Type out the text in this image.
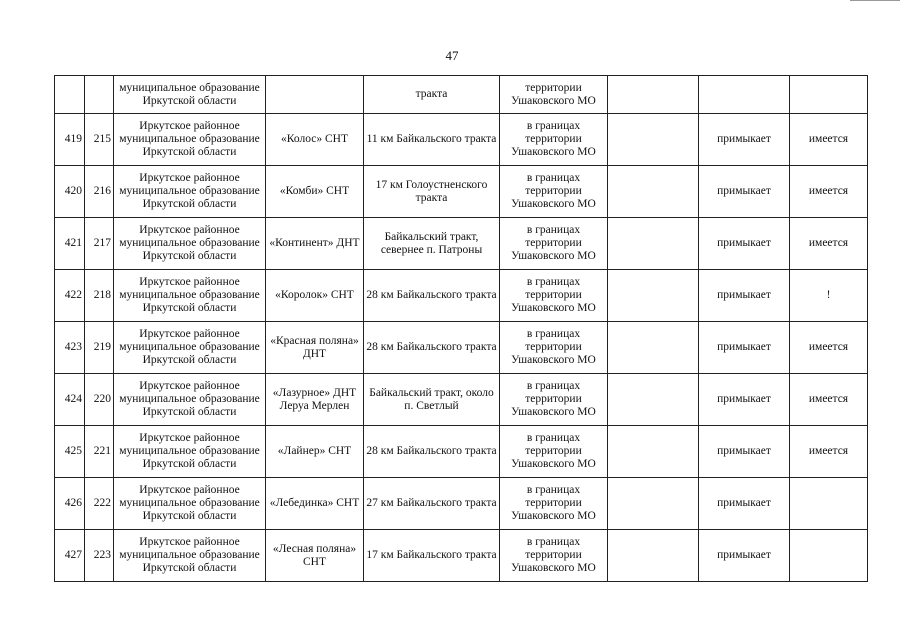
47
		муниципальное образование Иркутской области		тракта	территории Ушаковского МО			
419	215	Иркутское районное муниципальное образование Иркутской области	«Колос» СНТ	11 км Байкальского тракта	в границах территории Ушаковского МО		примыкает	имеется
420	216	Иркутское районное муниципальное образование Иркутской области	«Комби» СНТ	17 км Голоустненского тракта	в границах территории Ушаковского МО		примыкает	имеется
421	217	Иркутское районное муниципальное образование Иркутской области	«Континент» ДНТ	Байкальский тракт, севернее п. Патроны	в границах территории Ушаковского МО		примыкает	имеется
422	218	Иркутское районное муниципальное образование Иркутской области	«Королок» СНТ	28 км Байкальского тракта	в границах территории Ушаковского МО		примыкает	!
423	219	Иркутское районное муниципальное образование Иркутской области	«Красная поляна» ДНТ	28 км Байкальского тракта	в границах территории Ушаковского МО		примыкает	имеется
424	220	Иркутское районное муниципальное образование Иркутской области	«Лазурное» ДНТ Леруа Мерлен	Байкальский тракт, около п. Светлый	в границах территории Ушаковского МО		примыкает	имеется
425	221	Иркутское районное муниципальное образование Иркутской области	«Лайнер» СНТ	28 км Байкальского тракта	в границах территории Ушаковского МО		примыкает	имеется
426	222	Иркутское районное муниципальное образование Иркутской области	«Лебединка» СНТ	27 км Байкальского тракта	в границах территории Ушаковского МО		примыкает	
427	223	Иркутское районное муниципальное образование Иркутской области	«Лесная поляна» СНТ	17 км Байкальского тракта	в границах территории Ушаковского МО		примыкает	
